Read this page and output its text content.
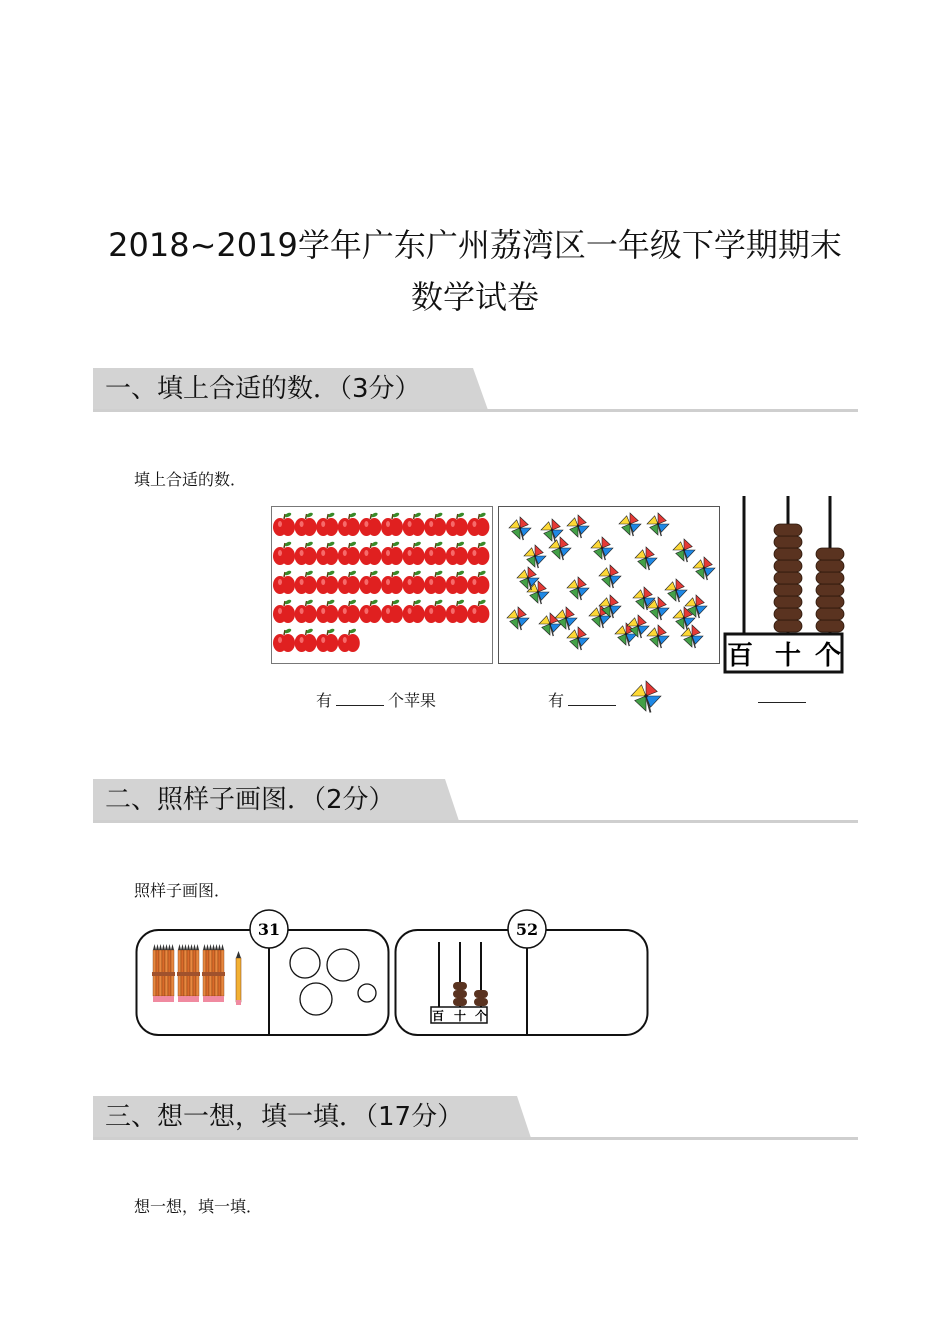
2018~2019学年广东广州荔湾区一年级下学期期末
数学试卷
一、填上合适的数．（3分）
填上合适的数．
百 十 个
有	个苹果	有
二、照样子画图．（2分）
照样子画图．
31	52
百 十 个
三、想一想，填一填．（17分）
想一想，填一填．
